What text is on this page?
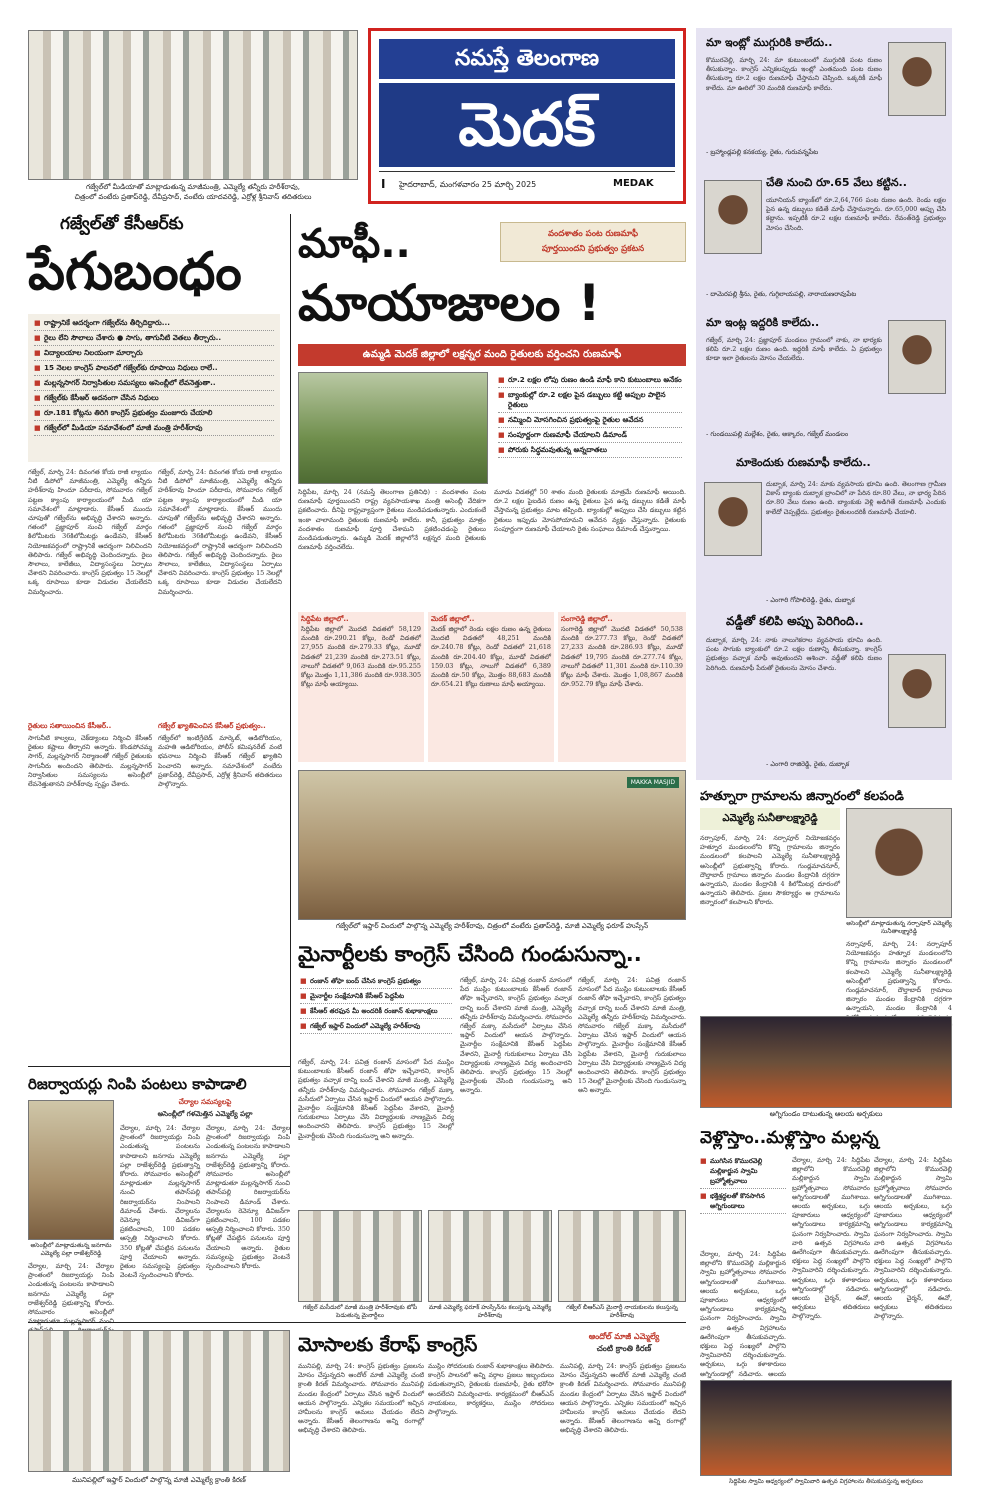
గజ్వేల్‌లో మీడియాతో మాట్లాడుతున్న మాజీమంత్రి, ఎమ్మెల్యే తన్నీరు హరీశ్‌రావు,
చిత్రంలో వంటేరు ప్రతాప్‌రెడ్డి, దేవీప్రసాద్, వంటేరు యాదవరెడ్డి, ఎర్రోళ్ల శ్రీనివాస్ తదితరులు
నమస్తే తెలంగాణ
మెదక్
I హైదరాబాద్, మంగళవారం 25 మార్చి 2025	MEDAK
గజ్వేల్‌తో కేసీఆర్‌కు
పేగుబంధం
■ రాష్ట్రానికే ఆదర్శంగా గజ్వేల్‌ను తీర్చిదిద్దారు...
■ రైలు లేని సౌలాలు చేశారు ● సాగు, తాగునీటి వెతలు తీర్చారు..
■ విద్యాలయాల నిలయంగా మార్చారు
■ 15 నెలల కాంగ్రెస్ పాలనలో గజ్వేల్‌కు రూపాయి నిధులు రాలే..
■ మల్లన్నసాగర్ నిర్వాసితుల సమస్యలు అసెంబ్లీలో లేవనెత్తుతా..
■ గజ్వేల్‌కు కేసీఆర్ అదనంగా చేసిన నిధులు
■ రూ.181 కోట్లను తిరిగి కాంగ్రెస్ ప్రభుత్వం మంజూరు చేయాలి
■ గజ్వేల్‌లో మీడియా సమావేశంలో మాజీ మంత్రి హరీశ్‌రావు
గజ్వేల్, మార్చి 24: దివంగత కోయ రాజీ ల్యాయం నీటి డిపోలో మాజీమంత్రి, ఎమ్మెల్యే తన్నీరు హరీశ్‌రావు హిందూ పరీదారు, సోమవారం గజ్వేల్ పట్టణ క్యాంపు కార్యాలయంలో మీడి యా సమావేశంలో మాట్లాడారు. కేసీఆర్ ముందు చూపుతో గజ్వేల్‌ను అభివృద్ధి చేశారని అన్నారు. గతంలో ప్రజ్ఞాపూర్ నుంచి గజ్వేల్ మార్గం కిలోమీటరు 36కిలోమీటర్లు ఉండేవని, కేసీఆర్ నియోజకవర్గంలో రాష్ట్రానికే ఆదర్శంగా నిలిచిందని తెలిపారు. గజ్వేల్ అభివృద్ధి చెందిందన్నారు. రైలు సౌలాలు, కాలేజీలు, విద్యాసంస్థలు ఏర్పాటు చేశారని వివరించారు. కాంగ్రెస్ ప్రభుత్వం 15 నెలల్లో ఒక్క రూపాయి కూడా విడుదల చేయలేదని విమర్శించారు.
రైతులు సతాయించిన కేసీఆర్..
సాగునీటి కాల్వలు, చెక్‌డ్యాంలు నిర్మించి కేసీఆర్ రైతుల కష్టాలు తీర్చారని అన్నారు. కొండపోచమ్మ సాగర్, మల్లన్నసాగర్ నిర్మాణంతో గజ్వేల్ రైతులకు సాగునీరు అందిందని తెలిపారు. మల్లన్నసాగర్ నిర్వాసితుల సమస్యలను అసెంబ్లీలో లేవనెత్తుతానని హరీశ్‌రావు స్పష్టం చేశారు.
గజ్వేల్, మార్చి 24: దివంగత కోయ రాజీ ల్యాయం నీటి డిపోలో మాజీమంత్రి, ఎమ్మెల్యే తన్నీరు హరీశ్‌రావు హిందూ పరీదారు, సోమవారం గజ్వేల్ పట్టణ క్యాంపు కార్యాలయంలో మీడి యా సమావేశంలో మాట్లాడారు. కేసీఆర్ ముందు చూపుతో గజ్వేల్‌ను అభివృద్ధి చేశారని అన్నారు. గతంలో ప్రజ్ఞాపూర్ నుంచి గజ్వేల్ మార్గం కిలోమీటరు 36కిలోమీటర్లు ఉండేవని, కేసీఆర్ నియోజకవర్గంలో రాష్ట్రానికే ఆదర్శంగా నిలిచిందని తెలిపారు. గజ్వేల్ అభివృద్ధి చెందిందన్నారు. రైలు సౌలాలు, కాలేజీలు, విద్యాసంస్థలు ఏర్పాటు చేశారని వివరించారు. కాంగ్రెస్ ప్రభుత్వం 15 నెలల్లో ఒక్క రూపాయి కూడా విడుదల చేయలేదని విమర్శించారు.
గజ్వేల్ ఖ్యాతిపెంచిన కేసీఆర్ ప్రభుత్వం..
గజ్వేల్‌లో ఇంటిగ్రేటెడ్ మార్కెట్, ఆడిటోరియం, మహతి ఆడిటోరియం, పోలీస్ కమిషనరేట్ వంటి భవనాలు నిర్మించి కేసీఆర్ గజ్వేల్ ఖ్యాతిని పెంచారని అన్నారు. సమావేశంలో వంటేరు ప్రతాప్‌రెడ్డి, దేవీప్రసాద్, ఎర్రోళ్ల శ్రీనివాస్ తదితరులు పాల్గొన్నారు.
మాఫీ..	వందశాతం పంట రుణమాఫీ
పూర్తయిందని ప్రభుత్వం ప్రకటన
మాయాజాలం !
ఉమ్మడి మెదక్ జిల్లాలో లక్షన్నర మంది రైతులకు వర్తించని రుణమాఫీ
■ రూ.2 లక్షల లోపు రుణం ఉండి మాఫీ కాని కుటుంబాలు అనేకం
■ బ్యాంకుల్లో రూ.2 లక్షల పైన డబ్బులు కట్టి అప్పుల పాలైన రైతులు
■ నమ్మించి మోసగించిన ప్రభుత్వంపై రైతుల ఆవేదన
■ సంపూర్ణంగా రుణమాఫీ చేయాలని డిమాండ్
■ పోరుకు సిద్ధమవుతున్న అన్నదాతలు
సిద్దిపేట, మార్చి 24 (నమస్తే తెలంగాణ ప్రతినిధి) : వందశాతం పంట రుణమాఫీ పూర్తయిందని రాష్ట్ర వ్యవసాయశాఖ మంత్రి అసెంబ్లీ వేదికగా ప్రకటించారు. దీనిపై రాష్ట్రవ్యాప్తంగా రైతులు మండిపడుతున్నారు. ఎందుకంటే ఇంకా చాలామంది రైతులకు రుణమాఫీ కాలేదు. కానీ, ప్రభుత్వం మాత్రం వందశాతం రుణమాఫీ పూర్తి చేశామని ప్రకటించడంపై రైతులు మండిపడుతున్నారు. ఉమ్మడి మెదక్ జిల్లాలోనే లక్షన్నర మంది రైతులకు రుణమాఫీ వర్తించలేదు.
మూడు విడతల్లో 50 శాతం మంది రైతులకు మాత్రమే రుణమాఫీ అయింది. రూ.2 లక్షల పైబడిన రుణం ఉన్న రైతులు పైన ఉన్న డబ్బులు కడితే మాఫీ చేస్తామన్న ప్రభుత్వం మాట తప్పింది. బ్యాంకుల్లో అప్పులు చేసి డబ్బులు కట్టిన రైతులు ఇప్పుడు మోసపోయామని ఆవేదన వ్యక్తం చేస్తున్నారు. రైతులకు సంపూర్ణంగా రుణమాఫీ చేయాలని రైతు సంఘాలు డిమాండ్ చేస్తున్నాయి.
సిద్దిపేట జిల్లాలో..
సిద్దిపేట జిల్లాలో మొదటి విడతలో 58,129 మందికి రూ.290.21 కోట్లు, రెండో విడతలో 27,955 మందికి రూ.279.33 కోట్లు, మూడో విడతలో 21,239 మందికి రూ.273.51 కోట్లు, నాలుగో విడతలో 9,063 మందికి రూ.95.255 కోట్లు మొత్తం 1,11,386 మందికి రూ.938.305 కోట్లు మాఫీ అయ్యాయి.
మెదక్ జిల్లాలో..
మెదక్ జిల్లాలో రెండు లక్షల రుణం ఉన్న రైతులు మొదటి విడతలో 48,251 మందికి రూ.240.78 కోట్లు, రెండో విడతలో 21,618 మందికి రూ.204.40 కోట్లు, మూడో విడతలో 159.03 కోట్లు, నాలుగో విడతలో 6,389 మందికి రూ.50 కోట్లు, మొత్తం 88,683 మందికి రూ.654.21 కోట్లు రుణాలు మాఫీ అయ్యాయి.
సంగారెడ్డి జిల్లాలో..
సంగారెడ్డి జిల్లాలో మొదటి విడతలో 50,538 మందికి రూ.277.73 కోట్లు, రెండో విడతలో 27,233 మందికి రూ.286.93 కోట్లు, మూడో విడతలో 19,795 మందికి రూ.277.74 కోట్లు, నాలుగో విడతలో 11,301 మందికి రూ.110.39 కోట్లు మాఫీ చేశారు. మొత్తం 1,08,867 మందికి రూ.952.79 కోట్లు మాఫీ చేశారు.
మా ఇంట్లో ముగ్గురికి కాలేదు..
కొమురవెల్లి, మార్చి 24: మా కుటుంబంలో ముగ్గురికి పంట రుణం తీసుకున్నాం. కాంగ్రెస్ ఎన్నికలప్పుడు ఇంట్లో ఎంతమంది పంట రుణం తీసుకున్నా రూ.2 లక్షల రుణమాఫీ చేస్తామని చెప్పింది. ఒక్కరికీ మాఫీ కాలేదు. మా ఊరిలో 30 మందికి రుణమాఫీ కాలేదు.
- బ్రహ్మాండ్లపల్లి కనకయ్య, రైతు, గురువన్నపేట
చేతి నుంచి రూ.65 వేలు కట్టిన..
యూనియన్ బ్యాంక్‌లో రూ.2,64,766 పంట రుణం ఉంది. రెండు లక్షల పైన ఉన్న డబ్బులు కడితే మాఫీ చేస్తామన్నారు. రూ.65,000 అప్పు చేసి కట్టాను. ఇప్పటికీ రూ.2 లక్షల రుణమాఫీ కాలేదు. రేవంత్‌రెడ్డి ప్రభుత్వం మోసం చేసింది.
- దామెరపల్లి శ్రీను, రైతు, గుగ్గిలాయపల్లి, నారాయణరావుపేట
మా ఇంట్ల ఇద్దరికి కాలేదు..
గజ్వేల్, మార్చి 24: ప్రజ్ఞాపూర్ మండలం గ్రామంలో నాకు, నా భార్యకు కలిపి రూ.2 లక్షల రుణం ఉంది. ఇద్దరికీ మాఫీ కాలేదు. ఏ ప్రభుత్వం కూడా ఇలా రైతులను మోసం చేయలేదు.
- గుండయిపల్లి మల్లేశం, రైతు, అక్కారం, గజ్వేల్ మండలం
మాకెందుకు రుణమాఫీ కాలేదు..
దుబ్బాక, మార్చి 24: మాకు వ్యవసాయ భూమి ఉంది. తెలంగాణ గ్రామీణ వికాస్ బ్యాంకు దుబ్బాక బ్రాంచిలో నా పేరిన రూ.80 వేలు, నా భార్య పేరిన రూ.80 వేలు రుణం ఉంది. బ్యాంకుకు వెళ్లి అడిగితే రుణమాఫీ ఎందుకు కాలేదో చెప్పట్లేదు. ప్రభుత్వం రైతులందరికీ రుణమాఫీ చేయాలి.
- ఎంగారి గోపాలిరెడ్డి, రైతు, దుబ్బాక
వడ్డీతో కలిపి అప్పు పెరిగింది..
దుబ్బాక, మార్చి 24: నాకు నాలుగెకరాల వ్యవసాయ భూమి ఉంది. పంట సాగుకు బ్యాంకులో రూ.2 లక్షల రుణాన్ని తీసుకున్నా. కాంగ్రెస్ ప్రభుత్వం వచ్చాక మాఫీ అవుతుందని ఆశించా. వడ్డీతో కలిపి రుణం పెరిగింది. రుణమాఫీ పేరుతో రైతులను మోసం చేశారు.
- ఎంగారి రాజిరెడ్డి, రైతు, దుబ్బాక
MAKKA MASJID
గజ్వేల్‌లో ఇఫ్తార్ విందులో పాల్గొన్న ఎమ్మెల్యే హరీశ్‌రావు, చిత్రంలో వంటేరు ప్రతాప్‌రెడ్డి, మాజీ ఎమ్మెల్యే ఫరూక్ హుస్సేన్
మైనార్టీలకు కాంగ్రెస్ చేసింది గుండుసున్నా..
■ రంజాన్ తోఫా బంద్ చేసిన కాంగ్రెస్ ప్రభుత్వం
■ మైనార్టీల సంక్షేమానికి కేసీఆర్ పెద్దపీట
■ కేసీఆర్ తరఫున మీ అందరికీ రంజాన్ శుభాకాంక్షలు
■ గజ్వేల్ ఇఫ్తార్ విందులో ఎమ్మెల్యే హరీశ్‌రావు
గజ్వేల్, మార్చి 24: పవిత్ర రంజాన్ మాసంలో పేద ముస్లిం కుటుంబాలకు కేసీఆర్ రంజాన్ తోఫా ఇచ్చేవారని, కాంగ్రెస్ ప్రభుత్వం వచ్చాక దాన్ని బంద్ చేశారని మాజీ మంత్రి, ఎమ్మెల్యే తన్నీరు హరీశ్‌రావు విమర్శించారు. సోమవారం గజ్వేల్ మక్కా మసీదులో ఏర్పాటు చేసిన ఇఫ్తార్ విందులో ఆయన పాల్గొన్నారు. మైనార్టీల సంక్షేమానికి కేసీఆర్ పెద్దపీట వేశారని, మైనార్టీ గురుకులాలు ఏర్పాటు చేసి విద్యార్థులకు నాణ్యమైన విద్య అందించారని తెలిపారు. కాంగ్రెస్ ప్రభుత్వం 15 నెలల్లో మైనార్టీలకు చేసింది గుండుసున్నా అని అన్నారు.
గజ్వేల్, మార్చి 24: పవిత్ర రంజాన్ మాసంలో పేద ముస్లిం కుటుంబాలకు కేసీఆర్ రంజాన్ తోఫా ఇచ్చేవారని, కాంగ్రెస్ ప్రభుత్వం వచ్చాక దాన్ని బంద్ చేశారని మాజీ మంత్రి, ఎమ్మెల్యే తన్నీరు హరీశ్‌రావు విమర్శించారు. సోమవారం గజ్వేల్ మక్కా మసీదులో ఏర్పాటు చేసిన ఇఫ్తార్ విందులో ఆయన పాల్గొన్నారు. మైనార్టీల సంక్షేమానికి కేసీఆర్ పెద్దపీట వేశారని, మైనార్టీ గురుకులాలు ఏర్పాటు చేసి విద్యార్థులకు నాణ్యమైన విద్య అందించారని తెలిపారు. కాంగ్రెస్ ప్రభుత్వం 15 నెలల్లో మైనార్టీలకు చేసింది గుండుసున్నా అని అన్నారు.
గజ్వేల్, మార్చి 24: పవిత్ర రంజాన్ మాసంలో పేద ముస్లిం కుటుంబాలకు కేసీఆర్ రంజాన్ తోఫా ఇచ్చేవారని, కాంగ్రెస్ ప్రభుత్వం వచ్చాక దాన్ని బంద్ చేశారని మాజీ మంత్రి, ఎమ్మెల్యే తన్నీరు హరీశ్‌రావు విమర్శించారు. సోమవారం గజ్వేల్ మక్కా మసీదులో ఏర్పాటు చేసిన ఇఫ్తార్ విందులో ఆయన పాల్గొన్నారు. మైనార్టీల సంక్షేమానికి కేసీఆర్ పెద్దపీట వేశారని, మైనార్టీ గురుకులాలు ఏర్పాటు చేసి విద్యార్థులకు నాణ్యమైన విద్య అందించారని తెలిపారు. కాంగ్రెస్ ప్రభుత్వం 15 నెలల్లో మైనార్టీలకు చేసింది గుండుసున్నా అని అన్నారు.
గజ్వేల్ మసీదులో మాజీ మంత్రి హరీశ్‌రావుకు టోపీ పెడుతున్న మైనార్టీలు
మాజీ ఎమ్మెల్యే ఫరూక్ హుస్సేన్‌ను కలుస్తున్న ఎమ్మెల్యే హరీశ్‌రావు
గజ్వేల్ బీఆర్ఎస్ మైనార్టీ నాయకులను కలుస్తున్న హరీశ్‌రావు
రిజర్వాయర్లు నింపి పంటలు కాపాడాలి
అసెంబ్లీలో మాట్లాడుతున్న జనగామ ఎమ్మెల్యే పల్లా రాజేశ్వర్‌రెడ్డి
చేర్యాల సమస్యలపై
అసెంబ్లీలో గళమెత్తిన ఎమ్మెల్యే పల్లా
చేర్యాల, మార్చి 24: చేర్యాల ప్రాంతంలో రిజర్వాయర్లు నింపి ఎండుతున్న పంటలను కాపాడాలని జనగామ ఎమ్మెల్యే పల్లా రాజేశ్వర్‌రెడ్డి ప్రభుత్వాన్ని కోరారు. సోమవారం అసెంబ్లీలో మాట్లాడుతూ మల్లన్నసాగర్ నుంచి తపాస్‌పల్లి రిజర్వాయర్‌ను నింపాలని డిమాండ్ చేశారు. చేర్యాలను రెవెన్యూ డివిజన్‌గా ప్రకటించాలని, 100 పడకల ఆస్పత్రి నిర్మించాలని కోరారు. 350 కోట్లతో చేపట్టిన పనులను పూర్తి చేయాలని అన్నారు. రైతుల సమస్యలపై ప్రభుత్వం వెంటనే స్పందించాలని కోరారు.
చేర్యాల, మార్చి 24: చేర్యాల ప్రాంతంలో రిజర్వాయర్లు నింపి ఎండుతున్న పంటలను కాపాడాలని జనగామ ఎమ్మెల్యే పల్లా రాజేశ్వర్‌రెడ్డి ప్రభుత్వాన్ని కోరారు. సోమవారం అసెంబ్లీలో మాట్లాడుతూ మల్లన్నసాగర్ నుంచి తపాస్‌పల్లి రిజర్వాయర్‌ను నింపాలని డిమాండ్ చేశారు. చేర్యాలను రెవెన్యూ డివిజన్‌గా ప్రకటించాలని, 100 పడకల ఆస్పత్రి నిర్మించాలని కోరారు. 350 కోట్లతో చేపట్టిన పనులను పూర్తి చేయాలని అన్నారు. రైతుల సమస్యలపై ప్రభుత్వం వెంటనే స్పందించాలని కోరారు.
చేర్యాల, మార్చి 24: చేర్యాల ప్రాంతంలో రిజర్వాయర్లు నింపి ఎండుతున్న పంటలను కాపాడాలని జనగామ ఎమ్మెల్యే పల్లా రాజేశ్వర్‌రెడ్డి ప్రభుత్వాన్ని కోరారు. సోమవారం అసెంబ్లీలో
హత్నూరా గ్రామాలను జిన్నారంలో కలపండి
ఎమ్మెల్యే సునీతాలక్ష్మారెడ్డి
అసెంబ్లీలో మాట్లాడుతున్న నర్సాపూర్ ఎమ్మెల్యే సునీతాలక్ష్మారెడ్డి
నర్సాపూర్, మార్చి 24: నర్సాపూర్ నియోజకవర్గం హత్నూర మండలంలోని కొన్ని గ్రామాలను జిన్నారం మండలంలో కలపాలని ఎమ్మెల్యే సునీతాలక్ష్మారెడ్డి అసెంబ్లీలో ప్రభుత్వాన్ని కోరారు. గుండ్లమాచనూర్, దౌల్తాబాద్ గ్రామాలు జిన్నారం మండల కేంద్రానికి దగ్గరగా ఉన్నాయని, మండల కేంద్రానికి 4 కిలోమీటర్ల దూరంలో ఉన్నాయని తెలిపారు. ప్రజల సౌకర్యార్థం ఆ గ్రామాలను జిన్నారంలో కలపాలని కోరారు.
నర్సాపూర్, మార్చి 24: నర్సాపూర్ నియోజకవర్గం హత్నూర మండలంలోని కొన్ని గ్రామాలను జిన్నారం మండలంలో కలపాలని ఎమ్మెల్యే సునీతాలక్ష్మారెడ్డి అసెంబ్లీలో ప్రభుత్వాన్ని కోరారు. గుండ్లమాచనూర్, దౌల్తాబాద్ గ్రామాలు జిన్నారం మండల కేంద్రానికి దగ్గరగా ఉన్నాయని, మండల కేంద్రానికి 4
అగ్నిగుండం దాటుతున్న ఆలయ అర్చకులు
వెళ్లొస్తాం..మళ్లొస్తాం మల్లన్న
■ ముగిసిన కొమురవెల్లి మల్లికార్జున స్వామి బ్రహ్మోత్సవాలు
■ భక్తిశ్రద్ధలతో కొనసాగిన అగ్నిగుండాలు
చేర్యాల, మార్చి 24: సిద్దిపేట జిల్లాలోని కొమురవెల్లి మల్లికార్జున స్వామి బ్రహ్మోత్సవాలు సోమవారం అగ్నిగుండాలతో ముగిశాయి. ఆలయ అర్చకులు, ఒగ్గు పూజారులు ఆధ్వర్యంలో అగ్నిగుండాలు కార్యక్రమాన్ని ఘనంగా నిర్వహించారు. స్వామి వారి ఉత్సవ విగ్రహాలను ఊరేగింపుగా తీసుకువచ్చారు. భక్తులు పెద్ద సంఖ్యలో పాల్గొని స్వామివారిని దర్శించుకున్నారు. అర్చకులు, ఒగ్గు కళాకారులు అగ్నిగుండాల్లో నడిచారు. ఆలయ
చేర్యాల, మార్చి 24: సిద్దిపేట జిల్లాలోని కొమురవెల్లి మల్లికార్జున స్వామి బ్రహ్మోత్సవాలు సోమవారం అగ్నిగుండాలతో ముగిశాయి. ఆలయ అర్చకులు, ఒగ్గు పూజారులు ఆధ్వర్యంలో అగ్నిగుండాలు కార్యక్రమాన్ని ఘనంగా నిర్వహించారు. స్వామి వారి ఉత్సవ విగ్రహాలను ఊరేగింపుగా తీసుకువచ్చారు. భక్తులు పెద్ద సంఖ్యలో పాల్గొని స్వామివారిని దర్శించుకున్నారు. అర్చకులు, ఒగ్గు కళాకారులు అగ్నిగుండాల్లో నడిచారు. ఆలయ చైర్మన్, ఈవో, అర్చకులు తదితరులు పాల్గొన్నారు.
చేర్యాల, మార్చి 24: సిద్దిపేట జిల్లాలోని కొమురవెల్లి మల్లికార్జున స్వామి బ్రహ్మోత్సవాలు సోమవారం అగ్నిగుండాలతో ముగిశాయి. ఆలయ అర్చకులు, ఒగ్గు పూజారులు ఆధ్వర్యంలో అగ్నిగుండాలు కార్యక్రమాన్ని ఘనంగా నిర్వహించారు. స్వామి వారి ఉత్సవ విగ్రహాలను ఊరేగింపుగా తీసుకువచ్చారు. భక్తులు పెద్ద సంఖ్యలో పాల్గొని స్వామివారిని దర్శించుకున్నారు. అర్చకులు, ఒగ్గు కళాకారులు అగ్నిగుండాల్లో నడిచారు. ఆలయ చైర్మన్, ఈవో, అర్చకులు తదితరులు పాల్గొన్నారు.
సిద్దిపేట స్వామి ఆధ్వర్యంలో స్వామివారి ఉత్సవ విగ్రహాలను తీసుకువస్తున్న అర్చకులు
మునిపల్లిలో ఇఫ్తార్ విందులో పాల్గొన్న మాజీ ఎమ్మెల్యే క్రాంతి కిరణ్
మోసాలకు కేరాఫ్ కాంగ్రెస్	ఆందోల్ మాజీ ఎమ్మెల్యే
చంటి క్రాంతి కిరణ్
మునిపల్లి, మార్చి 24: కాంగ్రెస్ ప్రభుత్వం ప్రజలను మోసం చేస్తున్నదని ఆందోల్ మాజీ ఎమ్మెల్యే చంటి క్రాంతి కిరణ్ విమర్శించారు. సోమవారం మునిపల్లి మండల కేంద్రంలో ఏర్పాటు చేసిన ఇఫ్తార్ విందులో ఆయన పాల్గొన్నారు. ఎన్నికల సమయంలో ఇచ్చిన హామీలను కాంగ్రెస్ అమలు చేయడం లేదని అన్నారు. కేసీఆర్ తెలంగాణను అన్ని రంగాల్లో అభివృద్ధి చేశారని తెలిపారు.
ముస్లిం సోదరులకు రంజాన్ శుభాకాంక్షలు తెలిపారు. కాంగ్రెస్ పాలనలో అన్ని వర్గాల ప్రజలు ఇబ్బందులు పడుతున్నారని, రైతులకు రుణమాఫీ, రైతు భరోసా అందలేదని విమర్శించారు. కార్యక్రమంలో బీఆర్ఎస్ నాయకులు, కార్యకర్తలు, ముస్లిం సోదరులు పాల్గొన్నారు.
మునిపల్లి, మార్చి 24: కాంగ్రెస్ ప్రభుత్వం ప్రజలను మోసం చేస్తున్నదని ఆందోల్ మాజీ ఎమ్మెల్యే చంటి క్రాంతి కిరణ్ విమర్శించారు. సోమవారం మునిపల్లి మండల కేంద్రంలో ఏర్పాటు చేసిన ఇఫ్తార్ విందులో ఆయన పాల్గొన్నారు. ఎన్నికల సమయంలో ఇచ్చిన హామీలను కాంగ్రెస్ అమలు చేయడం లేదని అన్నారు. కేసీఆర్ తెలంగాణను అన్ని రంగాల్లో అభివృద్ధి చేశారని తెలిపారు.
